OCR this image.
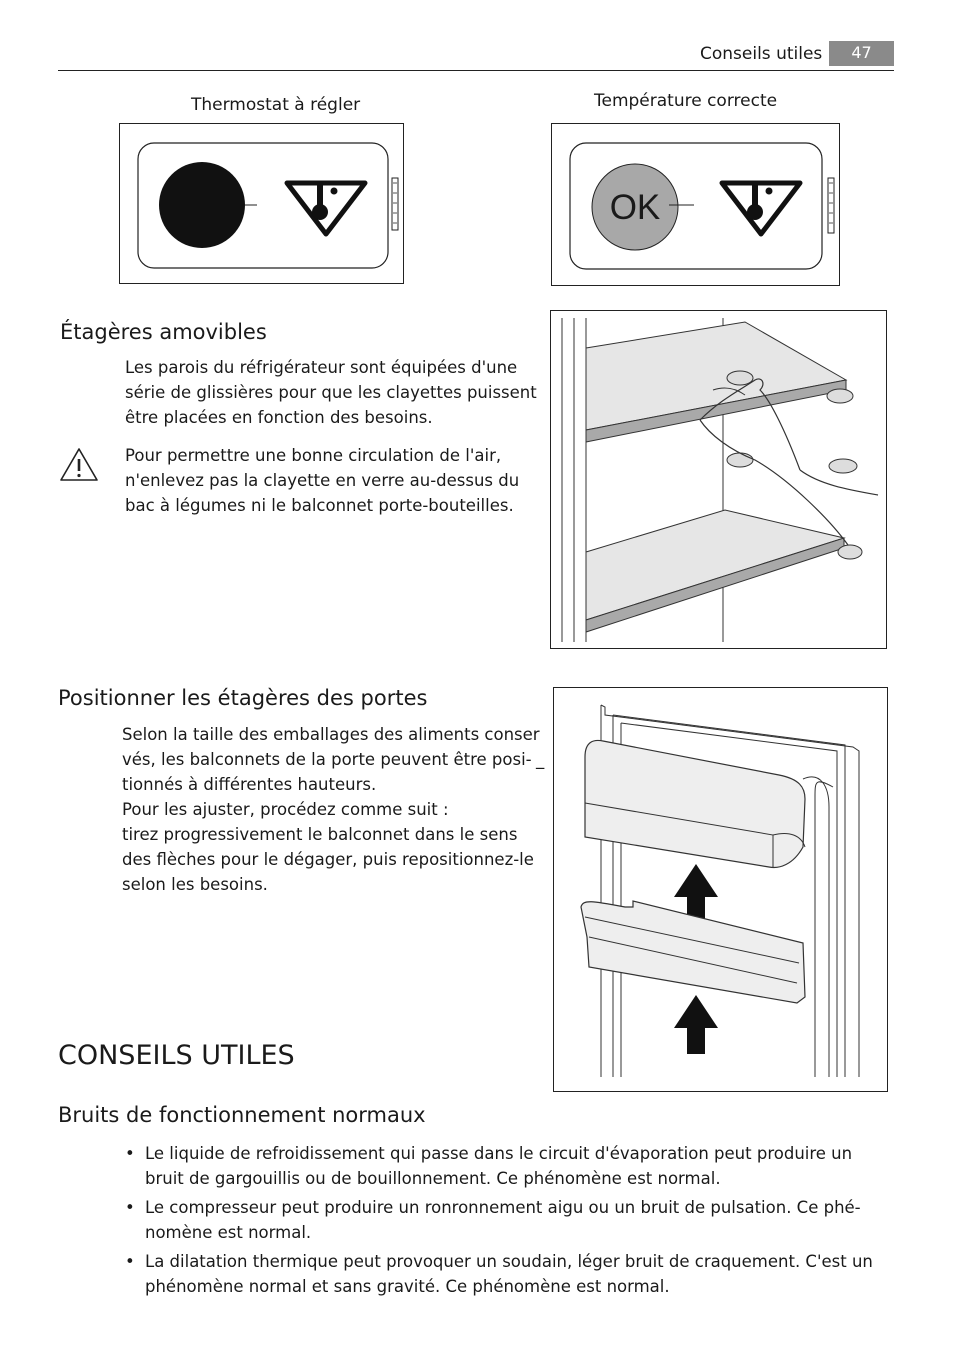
Conseils utiles	47
Thermostat à régler	Température correcte
OK
Étagères amovibles
Les parois du réfrigérateur sont équipées d'une
série de glissières pour que les clayettes puissent
être placées en fonction des besoins.
Pour permettre une bonne circulation de l'air,
n'enlevez pas la clayette en verre au-dessus du
bac à légumes ni le balconnet porte-bouteilles.
Positionner les étagères des portes
Selon la taille des emballages des aliments conser
vés, les balconnets de la porte peuvent être posi-
tionnés à différentes hauteurs.
Pour les ajuster, procédez comme suit :
tirez progressivement le balconnet dans le sens
des flèches pour le dégager, puis repositionnez-le
selon les besoins.
_
CONSEILS UTILES
Bruits de fonctionnement normaux
• Le liquide de refroidissement qui passe dans le circuit d'évaporation peut produire un
bruit de gargouillis ou de bouillonnement. Ce phénomène est normal.
• Le compresseur peut produire un ronronnement aigu ou un bruit de pulsation. Ce phé-
nomène est normal.
• La dilatation thermique peut provoquer un soudain, léger bruit de craquement. C'est un
phénomène normal et sans gravité. Ce phénomène est normal.
